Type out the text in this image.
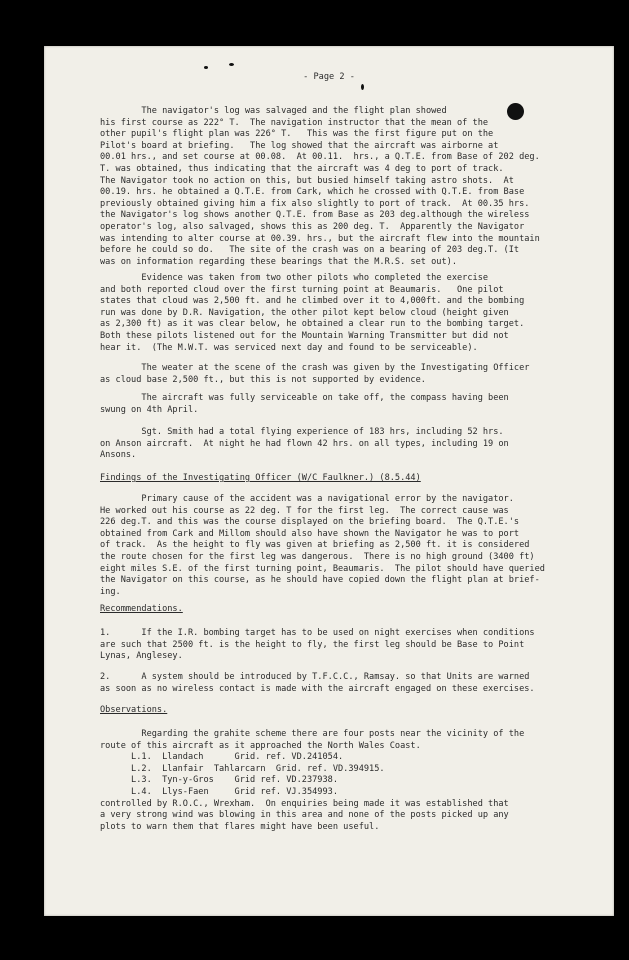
- Page 2 -
The navigator's log was salvaged and the flight plan showed
his first course as 222° T.  The navigation instructor that the mean of the
other pupil's flight plan was 226° T.   This was the first figure put on the
Pilot's board at briefing.   The log showed that the aircraft was airborne at
00.01 hrs., and set course at 00.08.  At 00.11.  hrs., a Q.T.E. from Base of 202 deg.
T. was obtained, thus indicating that the aircraft was 4 deg to port of track.
The Navigator took no action on this, but busied himself taking astro shots.  At
00.19. hrs. he obtained a Q.T.E. from Cark, which he crossed with Q.T.E. from Base
previously obtained giving him a fix also slightly to port of track.  At 00.35 hrs.
the Navigator's log shows another Q.T.E. from Base as 203 deg.although the wireless
operator's log, also salvaged, shows this as 200 deg. T.  Apparently the Navigator
was intending to alter course at 00.39. hrs., but the aircraft flew into the mountain
before he could so do.   The site of the crash was on a bearing of 203 deg.T. (It
was on information regarding these bearings that the M.R.S. set out).
Evidence was taken from two other pilots who completed the exercise
and both reported cloud over the first turning point at Beaumaris.   One pilot
states that cloud was 2,500 ft. and he climbed over it to 4,000ft. and the bombing
run was done by D.R. Navigation, the other pilot kept below cloud (height given
as 2,300 ft) as it was clear below, he obtained a clear run to the bombing target.
Both these pilots listened out for the Mountain Warning Transmitter but did not
hear it.  (The M.W.T. was serviced next day and found to be serviceable).
The weater at the scene of the crash was given by the Investigating Officer
as cloud base 2,500 ft., but this is not supported by evidence.
The aircraft was fully serviceable on take off, the compass having been
swung on 4th April.
Sgt. Smith had a total flying experience of 183 hrs, including 52 hrs.
on Anson aircraft.  At night he had flown 42 hrs. on all types, including 19 on
Ansons.
Findings of the Investigating Officer (W/C Faulkner.) (8.5.44)
Primary cause of the accident was a navigational error by the navigator.
He worked out his course as 22 deg. T for the first leg.  The correct cause was
226 deg.T. and this was the course displayed on the briefing board.  The Q.T.E.'s
obtained from Cark and Millom should also have shown the Navigator he was to port
of track.  As the height to fly was given at briefing as 2,500 ft. it is considered
the route chosen for the first leg was dangerous.  There is no high ground (3400 ft)
eight miles S.E. of the first turning point, Beaumaris.  The pilot should have queried
the Navigator on this course, as he should have copied down the flight plan at brief-
ing.
Recommendations.
1.      If the I.R. bombing target has to be used on night exercises when conditions
are such that 2500 ft. is the height to fly, the first leg should be Base to Point
Lynas, Anglesey.
2.      A system should be introduced by T.F.C.C., Ramsay. so that Units are warned
as soon as no wireless contact is made with the aircraft engaged on these exercises.
Observations.
Regarding the grahite scheme there are four posts near the vicinity of the
route of this aircraft as it approached the North Wales Coast.
L.1.  Llandach      Grid. ref. VD.241054.
L.2.  Llanfair  Tahlarcarn  Grid. ref. VD.394915.
L.3.  Tyn-y-Gros    Grid ref. VD.237938.
L.4.  Llys-Faen     Grid ref. VJ.354993.
controlled by R.O.C., Wrexham.  On enquiries being made it was established that
a very strong wind was blowing in this area and none of the posts picked up any
plots to warn them that flares might have been useful.
